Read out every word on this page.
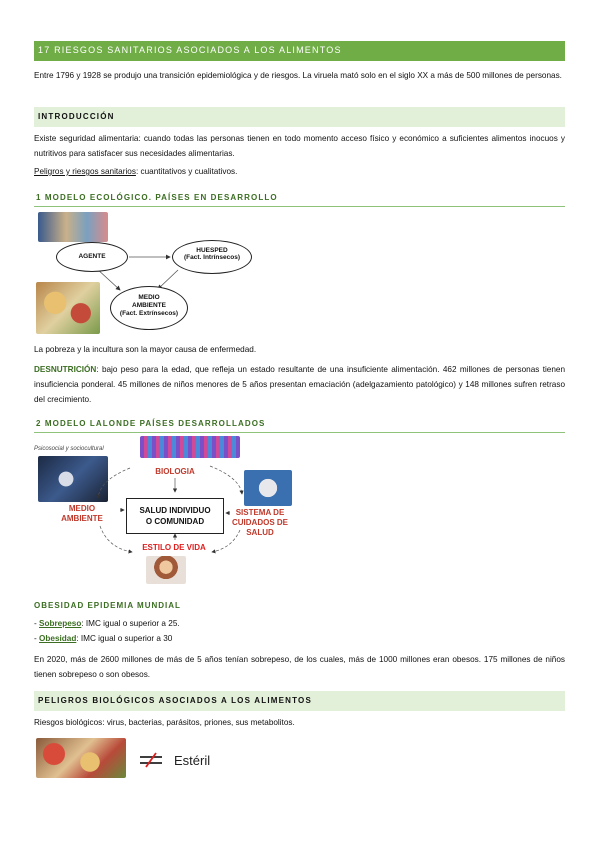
17 RIESGOS SANITARIOS ASOCIADOS A LOS ALIMENTOS
Entre 1796 y 1928 se produjo una transición epidemiológica y de riesgos. La viruela mató solo en el siglo XX a más de 500 millones de personas.
INTRODUCCIÓN
Existe seguridad alimentaria: cuando todas las personas tienen en todo momento acceso físico y económico a suficientes alimentos inocuos y nutritivos para satisfacer sus necesidades alimentarias.
Peligros y riesgos sanitarios: cuantitativos y cualitativos.
1 MODELO ECOLÓGICO. PAÍSES EN DESARROLLO
AGENTE
HUESPED
(Fact. Intrínsecos)
MEDIO
AMBIENTE
(Fact. Extrínsecos)
La pobreza y la incultura son la mayor causa de enfermedad.
DESNUTRICIÓN: bajo peso para la edad, que refleja un estado resultante de una insuficiente alimentación. 462 millones de personas tienen insuficiencia ponderal. 45 millones de niños menores de 5 años presentan emaciación (adelgazamiento patológico) y 148 millones sufren retraso del crecimiento.
2 MODELO LALONDE PAÍSES DESARROLLADOS
Psicosocial y sociocultural
BIOLOGIA
SALUD INDIVIDUO
O COMUNIDAD
MEDIO
AMBIENTE
SISTEMA DE
CUIDADOS DE
SALUD
ESTILO DE VIDA
OBESIDAD EPIDEMIA MUNDIAL
- Sobrepeso: IMC igual o superior a 25.
- Obesidad: IMC igual o superior a 30
En 2020, más de 2600 millones de más de 5 años tenían sobrepeso, de los cuales, más de 1000 millones eran obesos. 175 millones de niños tienen sobrepeso o son obesos.
PELIGROS BIOLÓGICOS ASOCIADOS A LOS ALIMENTOS
Riesgos biológicos: virus, bacterias, parásitos, priones, sus metabolitos.
Estéril
